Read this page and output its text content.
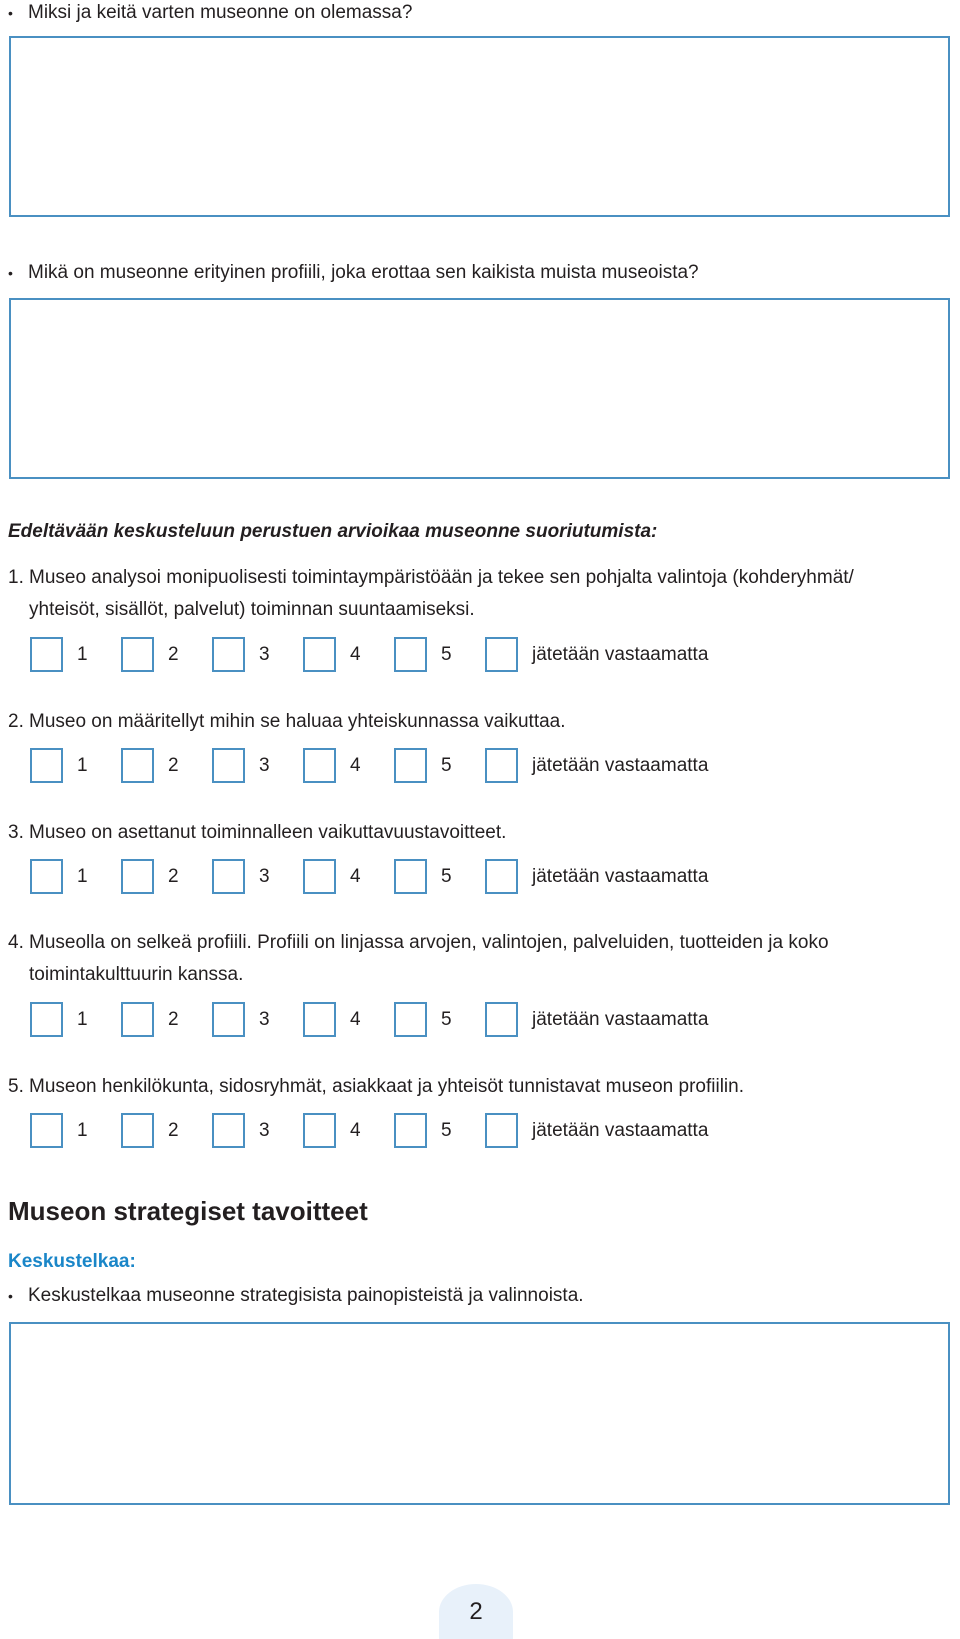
• Miksi ja keitä varten museonne on olemassa?
• Mikä on museonne erityinen profiili, joka erottaa sen kaikista muista museoista?
Edeltävään keskusteluun perustuen arvioikaa museonne suoriutumista:
1. Museo analysoi monipuolisesti toimintaympäristöään ja tekee sen pohjalta valintoja (kohderyhmät/
yhteisöt, sisällöt, palvelut) toiminnan suuntaamiseksi.
1	2	3	4	5	jätetään vastaamatta
2. Museo on määritellyt mihin se haluaa yhteiskunnassa vaikuttaa.
1	2	3	4	5	jätetään vastaamatta
3. Museo on asettanut toiminnalleen vaikuttavuustavoitteet.
1	2	3	4	5	jätetään vastaamatta
4. Museolla on selkeä profiili. Profiili on linjassa arvojen, valintojen, palveluiden, tuotteiden ja koko
toimintakulttuurin kanssa.
1	2	3	4	5	jätetään vastaamatta
5. Museon henkilökunta, sidosryhmät, asiakkaat ja yhteisöt tunnistavat museon profiilin.
1	2	3	4	5	jätetään vastaamatta
Museon strategiset tavoitteet
Keskustelkaa:
• Keskustelkaa museonne strategisista painopisteistä ja valinnoista.
2
